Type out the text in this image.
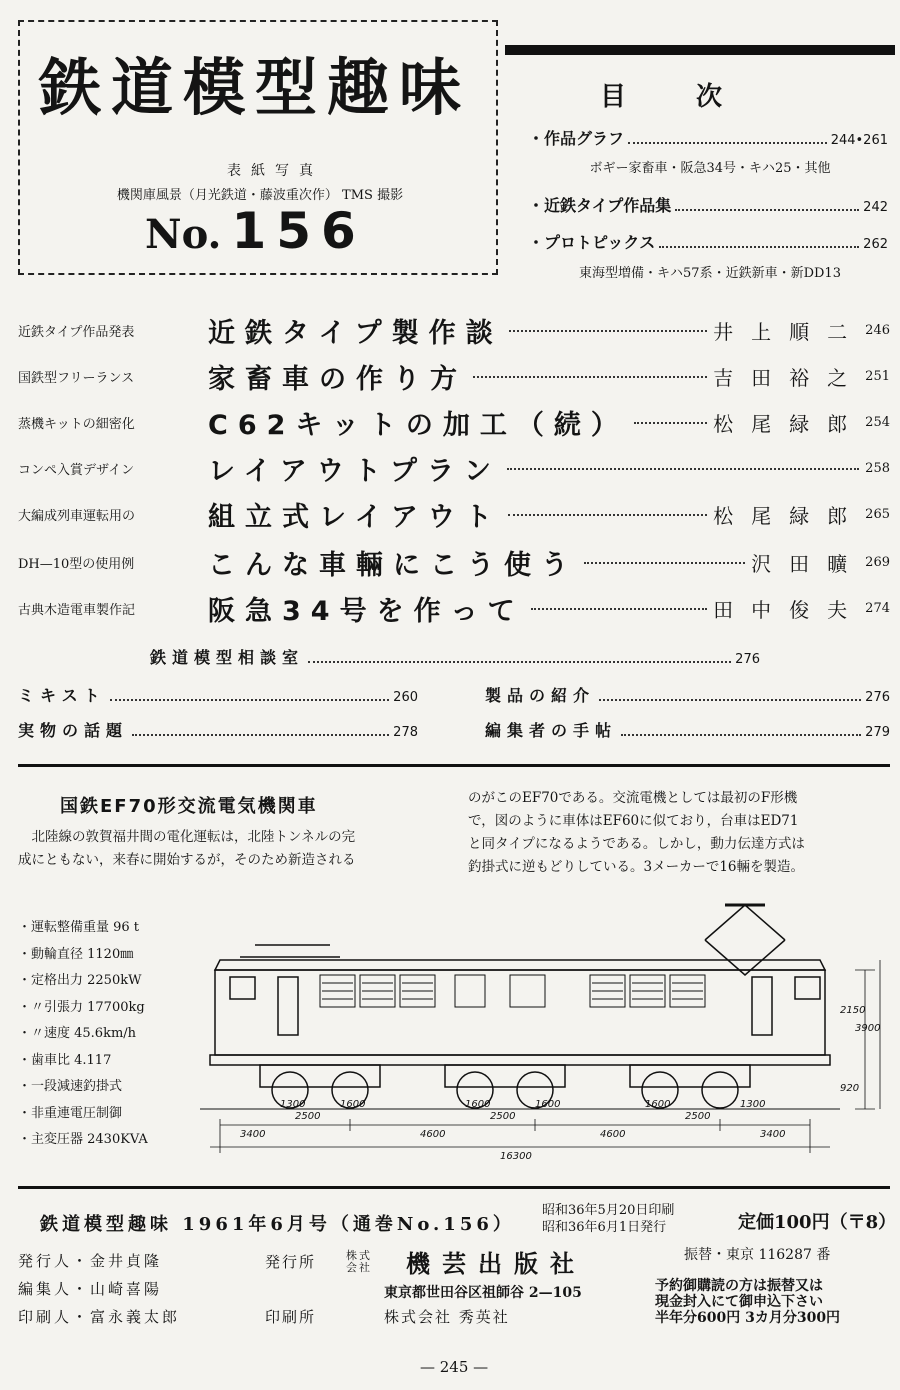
鉄道模型趣味
表紙写真
機関庫風景（月光鉄道・藤波重次作） TMS 撮影
No. 156
目次
・作品グラフ	244•261
ボギー家畜車・阪急34号・キハ25・其他
・近鉄タイプ作品集	242
・プロトピックス	262
東海型増備・キハ57系・近鉄新車・新DD13
近鉄タイプ作品発表	近鉄タイプ製作談	井上順二 246
国鉄型フリーランス	家畜車の作り方	吉田裕之 251
蒸機キットの細密化	C62キットの加工（続）	松尾緑郎 254
コンペ入賞デザイン	レイアウトプラン	258
大編成列車運転用の	組立式レイアウト	松尾緑郎 265
DH—10型の使用例	こんな車輛にこう使う	沢田曠 269
古典木造電車製作記	阪急34号を作って	田中俊夫 274
鉄道模型相談室	276
ミキスト	260
実物の話題	278
製品の紹介	276
編集者の手帖	279
国鉄EF70形交流電気機関車
北陸線の敦賀福井間の電化運転は，北陸トンネルの完
成にともない，来春に開始するが，そのため新造される
のがこのEF70である。交流電機としては最初のF形機
で，図のように車体はEF60に似ており，台車はED71
と同タイプになるようである。しかし，動力伝達方式は
釣掛式に逆もどりしている。3メーカーで16輛を製造。
・運転整備重量 96 t
・動輪直径 1120㎜
・定格出力 2250kW
・〃引張力 17700kg
・〃速度 45.6km/h
・歯車比 4.117
・一段減速釣掛式
・非重連電圧制御
・主変圧器 2430KVA
2500	2500	2500
3400	4600	4600	3400
16300
2150
3900
920
1300	1600	1600	1600	1600	1300
鉄道模型趣味 1961年6月号（通巻No.156）
昭和36年5月20日印刷
昭和36年6月1日発行	定価100円（〒8）
発行人・金井貞隆
編集人・山崎喜陽
印刷人・富永義太郎
発行所	株式会社 機芸出版社
東京都世田谷区祖師谷 2—105
印刷所	株式会社 秀英社
振替・東京 116287 番
予約御購読の方は振替又は
現金封入にて御申込下さい
半年分600円 3カ月分300円
— 245 —
